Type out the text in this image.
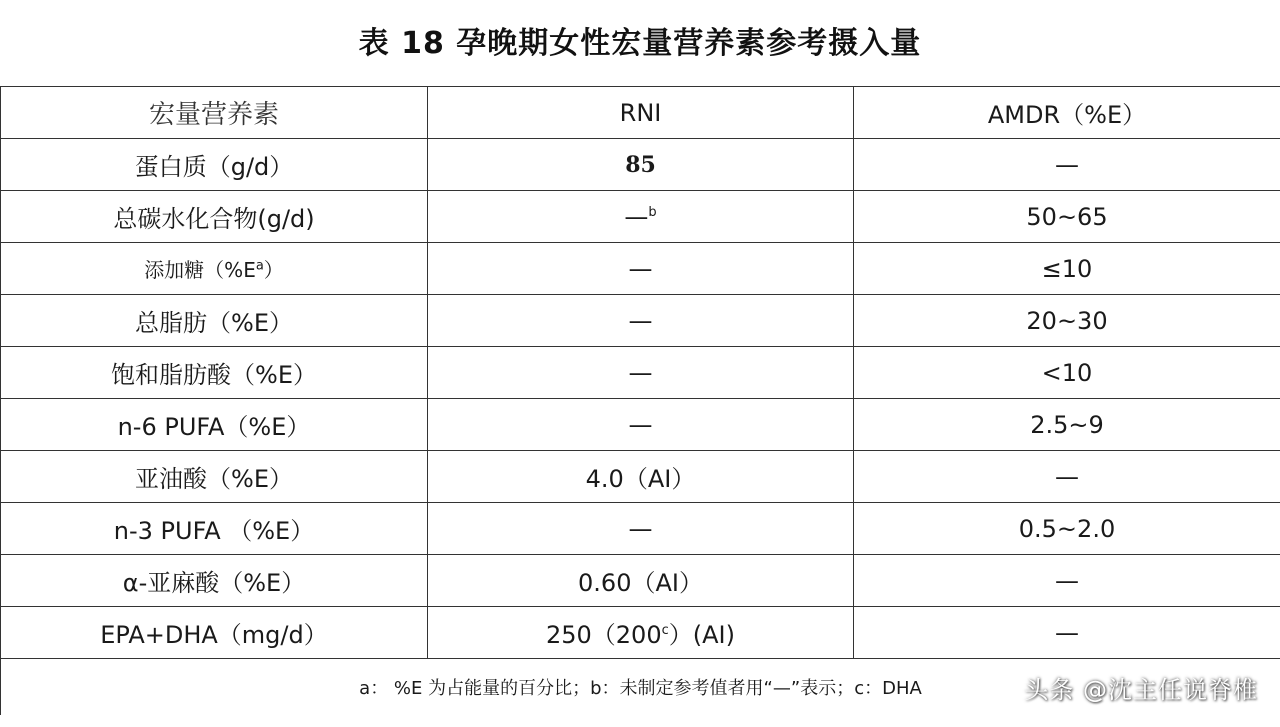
表 18 孕晚期女性宏量营养素参考摄入量
宏量营养素	RNI	AMDR（%E）
蛋白质（g/d）	85	—
总碳水化合物(g/d)	—$^b$	50~65
添加糖$(\%E^a)$	—	≤10
总脂肪（%E）	—	20~30
饱和脂肪酸（%E）	—	<10
n-6 PUFA（%E）	—	2.5~9
亚油酸（%E）	4.0（AI）	—
n-3 PUFA （%E）	—	0.5~2.0
α-亚麻酸（%E）	0.60（AI）	—
EPA+DHA（mg/d）	250（200$^c$）(AI)	—
a： %E 为占能量的百分比；b：未制定参考值者用“—”表示；c：DHA			头条 @沈主任说脊椎
